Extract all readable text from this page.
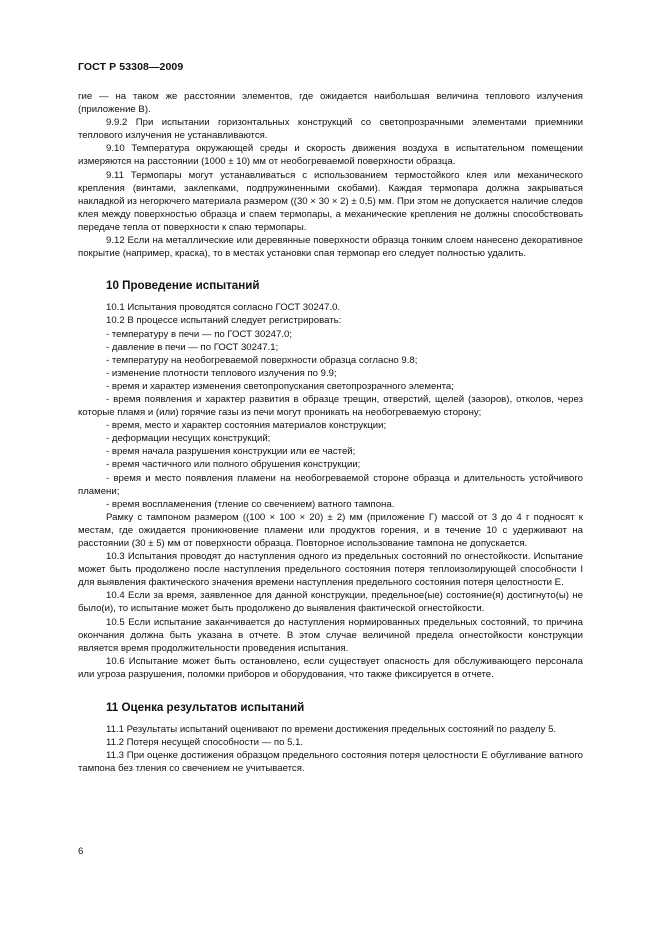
ГОСТ Р 53308—2009

гие — на таком же расстоянии элементов, где ожидается наибольшая величина теплового излучения (приложение В).

9.9.2 При испытании горизонтальных конструкций со светопрозрачными элементами приемники теплового излучения не устанавливаются.

9.10 Температура окружающей среды и скорость движения воздуха в испытательном помещении измеряются на расстоянии (1000 ± 10) мм от необогреваемой поверхности образца.

9.11 Термопары могут устанавливаться с использованием термостойкого клея или механического крепления (винтами, заклепками, подпружиненными скобами). Каждая термопара должна закрываться накладкой из негорючего материала размером ((30 × 30 × 2) ± 0,5) мм. При этом не допускается наличие следов клея между поверхностью образца и спаем термопары, а механические крепления не должны способствовать передаче тепла от поверхности к спаю термопары.

9.12 Если на металлические или деревянные поверхности образца тонким слоем нанесено декоративное покрытие (например, краска), то в местах установки спая термопар его следует полностью удалить.

10 Проведение испытаний

10.1 Испытания проводятся согласно ГОСТ 30247.0.

10.2 В процессе испытаний следует регистрировать:

- температуру в печи — по ГОСТ 30247.0;

- давление в печи — по ГОСТ 30247.1;

- температуру на необогреваемой поверхности образца согласно 9.8;

- изменение плотности теплового излучения по 9.9;

- время и характер изменения светопропускания светопрозрачного элемента;

- время появления и характер развития в образце трещин, отверстий, щелей (зазоров), отколов, через которые пламя и (или) горячие газы из печи могут проникать на необогреваемую сторону;

- время, место и характер состояния материалов конструкции;

- деформации несущих конструкций;

- время начала разрушения конструкции или ее частей;

- время частичного или полного обрушения конструкции;

- время и место появления пламени на необогреваемой стороне образца и длительность устойчивого пламени;

- время воспламенения (тление со свечением) ватного тампона.

Рамку с тампоном размером ((100 × 100 × 20) ± 2) мм (приложение Г) массой от 3 до 4 г подносят к местам, где ожидается проникновение пламени или продуктов горения, и в течение 10 с удерживают на расстоянии (30 ± 5) мм от поверхности образца. Повторное использование тампона не допускается.

10.3 Испытания проводят до наступления одного из предельных состояний по огнестойкости. Испытание может быть продолжено после наступления предельного состояния потеря теплоизолирующей способности I для выявления фактического значения времени наступления предельного состояния потеря целостности E.

10.4 Если за время, заявленное для данной конструкции, предельное(ые) состояние(я) достигнуто(ы) не было(и), то испытание может быть продолжено до выявления фактической огнестойкости.

10.5 Если испытание заканчивается до наступления нормированных предельных состояний, то причина окончания должна быть указана в отчете. В этом случае величиной предела огнестойкости конструкции является время продолжительности проведения испытания.

10.6 Испытание может быть остановлено, если существует опасность для обслуживающего персонала или угроза разрушения, поломки приборов и оборудования, что также фиксируется в отчете.

11 Оценка результатов испытаний

11.1 Результаты испытаний оценивают по времени достижения предельных состояний по разделу 5.

11.2 Потеря несущей способности — по 5.1.

11.3 При оценке достижения образцом предельного состояния потеря целостности E обугливание ватного тампона без тления со свечением не учитывается.

6
